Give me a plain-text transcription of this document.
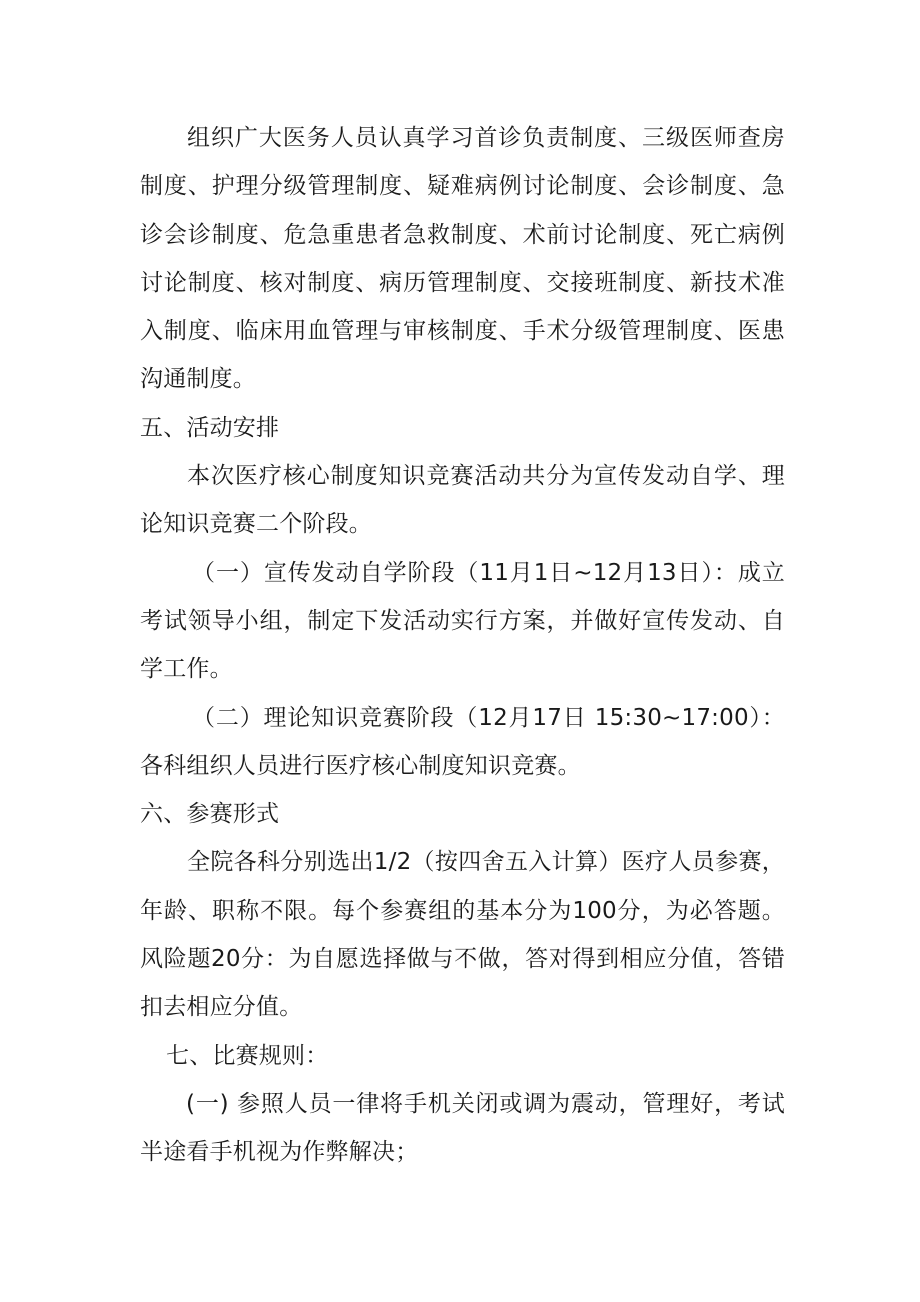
组织广大医务人员认真学习首诊负责制度、三级医师查房制度、护理分级管理制度、疑难病例讨论制度、会诊制度、急诊会诊制度、危急重患者急救制度、术前讨论制度、死亡病例讨论制度、核对制度、病历管理制度、交接班制度、新技术准入制度、临床用血管理与审核制度、手术分级管理制度、医患沟通制度。

五、活动安排

本次医疗核心制度知识竞赛活动共分为宣传发动自学、理论知识竞赛二个阶段。

（一）宣传发动自学阶段（11月1日~12月13日）：成立考试领导小组，制定下发活动实行方案，并做好宣传发动、自学工作。

（二）理论知识竞赛阶段（12月17日 15:30~17:00）：各科组织人员进行医疗核心制度知识竞赛。

六、参赛形式

全院各科分别选出1/2（按四舍五入计算）医疗人员参赛，年龄、职称不限。每个参赛组的基本分为100分，为必答题。风险题20分：为自愿选择做与不做，答对得到相应分值，答错扣去相应分值。

七、比赛规则：

(一) 参照人员一律将手机关闭或调为震动，管理好，考试半途看手机视为作弊解决；
